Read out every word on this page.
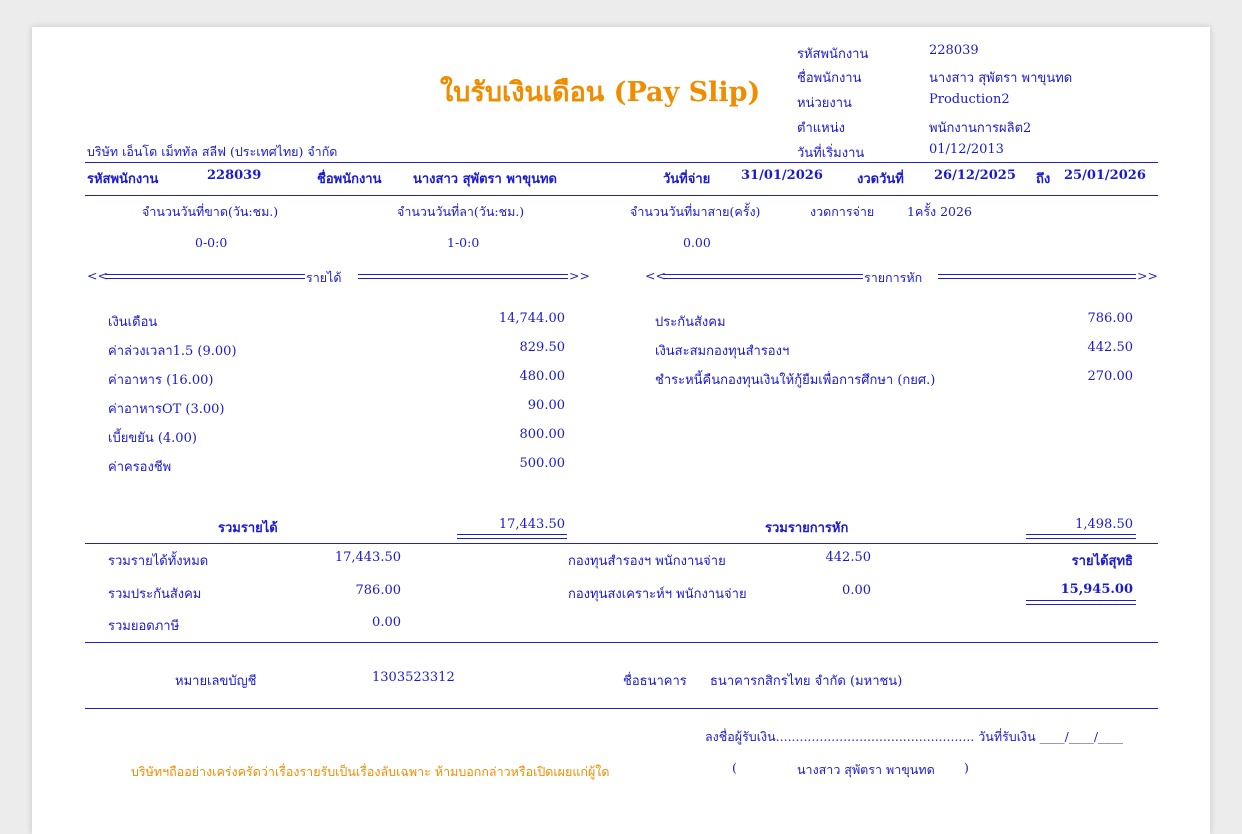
ใบรับเงินเดือน (Pay Slip)
รหัสพนักงาน	228039
ชื่อพนักงาน	นางสาว สุพัตรา พาขุนทด
หน่วยงาน	Production2
ตำแหน่ง	พนักงานการผลิต2
วันที่เริ่มงาน	01/12/2013
บริษัท เอ็นโด เม็ททัล สลีฟ (ประเทศไทย) จำกัด
รหัสพนักงาน	228039	ชื่อพนักงาน นางสาว สุพัตรา พาขุนทด	วันที่จ่าย 31/01/2026	งวดวันที่ 26/12/2025 ถึง 25/01/2026
จำนวนวันที่ขาด(วัน:ชม.)	จำนวนวันที่ลา(วัน:ชม.)	จำนวนวันที่มาสาย(ครั้ง)	งวดการจ่าย	1ครั้ง 2026
0-0:0	1-0:0	0.00
<<	รายได้	>>	<<	รายการหัก	>>
เงินเดือน	14,744.00
ค่าล่วงเวลา1.5 (9.00)	829.50
ค่าอาหาร (16.00)	480.00
ค่าอาหารOT (3.00)	90.00
เบี้ยขยัน (4.00)	800.00
ค่าครองชีพ	500.00
ประกันสังคม	786.00
เงินสะสมกองทุนสำรองฯ	442.50
ชำระหนี้คืนกองทุนเงินให้กู้ยืมเพื่อการศึกษา (กยศ.)	270.00
รวมรายได้	17,443.50	รวมรายการหัก	1,498.50
รวมรายได้ทั้งหมด	17,443.50
รวมประกันสังคม	786.00
รวมยอดภาษี	0.00
กองทุนสำรองฯ พนักงานจ่าย	442.50
กองทุนสงเคราะห์ฯ พนักงานจ่าย	0.00
รายได้สุทธิ
15,945.00
หมายเลขบัญชี	1303523312	ชื่อธนาคาร ธนาคารกสิกรไทย จำกัด (มหาชน)
ลงชื่อผู้รับเงิน.................................................. วันที่รับเงิน ____/____/____
(	นางสาว สุพัตรา พาขุนทด )
บริษัทฯถืออย่างเคร่งครัดว่าเรื่องรายรับเป็นเรื่องลับเฉพาะ ห้ามบอกกล่าวหรือเปิดเผยแก่ผู้ใด
